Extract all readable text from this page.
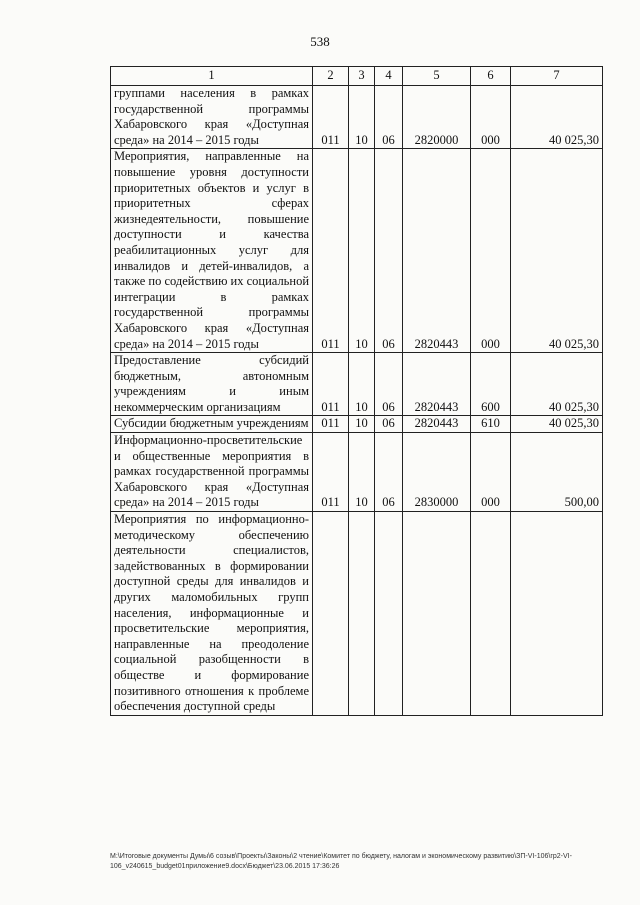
538
1	2	3	4	5	6	7
группами населения в рамках государственной программы Хабаровского края «Доступная среда» на 2014 – 2015 годы	011	10	06	2820000	000	40 025,30
Мероприятия, направленные на повышение уровня доступности приоритетных объектов и услуг в приоритетных сферах жизнедеятельности, повышение доступности и качества реабилитационных услуг для инвалидов и детей-инвалидов, а также по содействию их социальной интеграции в рамках государственной программы Хабаровского края «Доступная среда» на 2014 – 2015 годы	011	10	06	2820443	000	40 025,30
Предоставление субсидий бюджетным, автономным учреждениям и иным некоммерческим организациям	011	10	06	2820443	600	40 025,30
Субсидии бюджетным учреждениям	011	10	06	2820443	610	40 025,30
Информационно-просветительские и общественные мероприятия в рамках государственной программы Хабаровского края «Доступная среда» на 2014 – 2015 годы	011	10	06	2830000	000	500,00
Мероприятия по информационно-методическому обеспечению деятельности специалистов, задействованных в формировании доступной среды для инвалидов и других маломобильных групп населения, информационные и просветительские мероприятия, направленные на преодоление социальной разобщенности в обществе и формирование позитивного отношения к проблеме обеспечения доступной среды						
M:\Итоговые документы Думы\6 созыв\Проекты\Законы\2 чтение\Комитет по бюджету, налогам и экономическому развитию\ЗП-VI-106\гр2-VI-106_v240615_budget01приложение9.docx\Бюджет\23.06.2015 17:36:26
